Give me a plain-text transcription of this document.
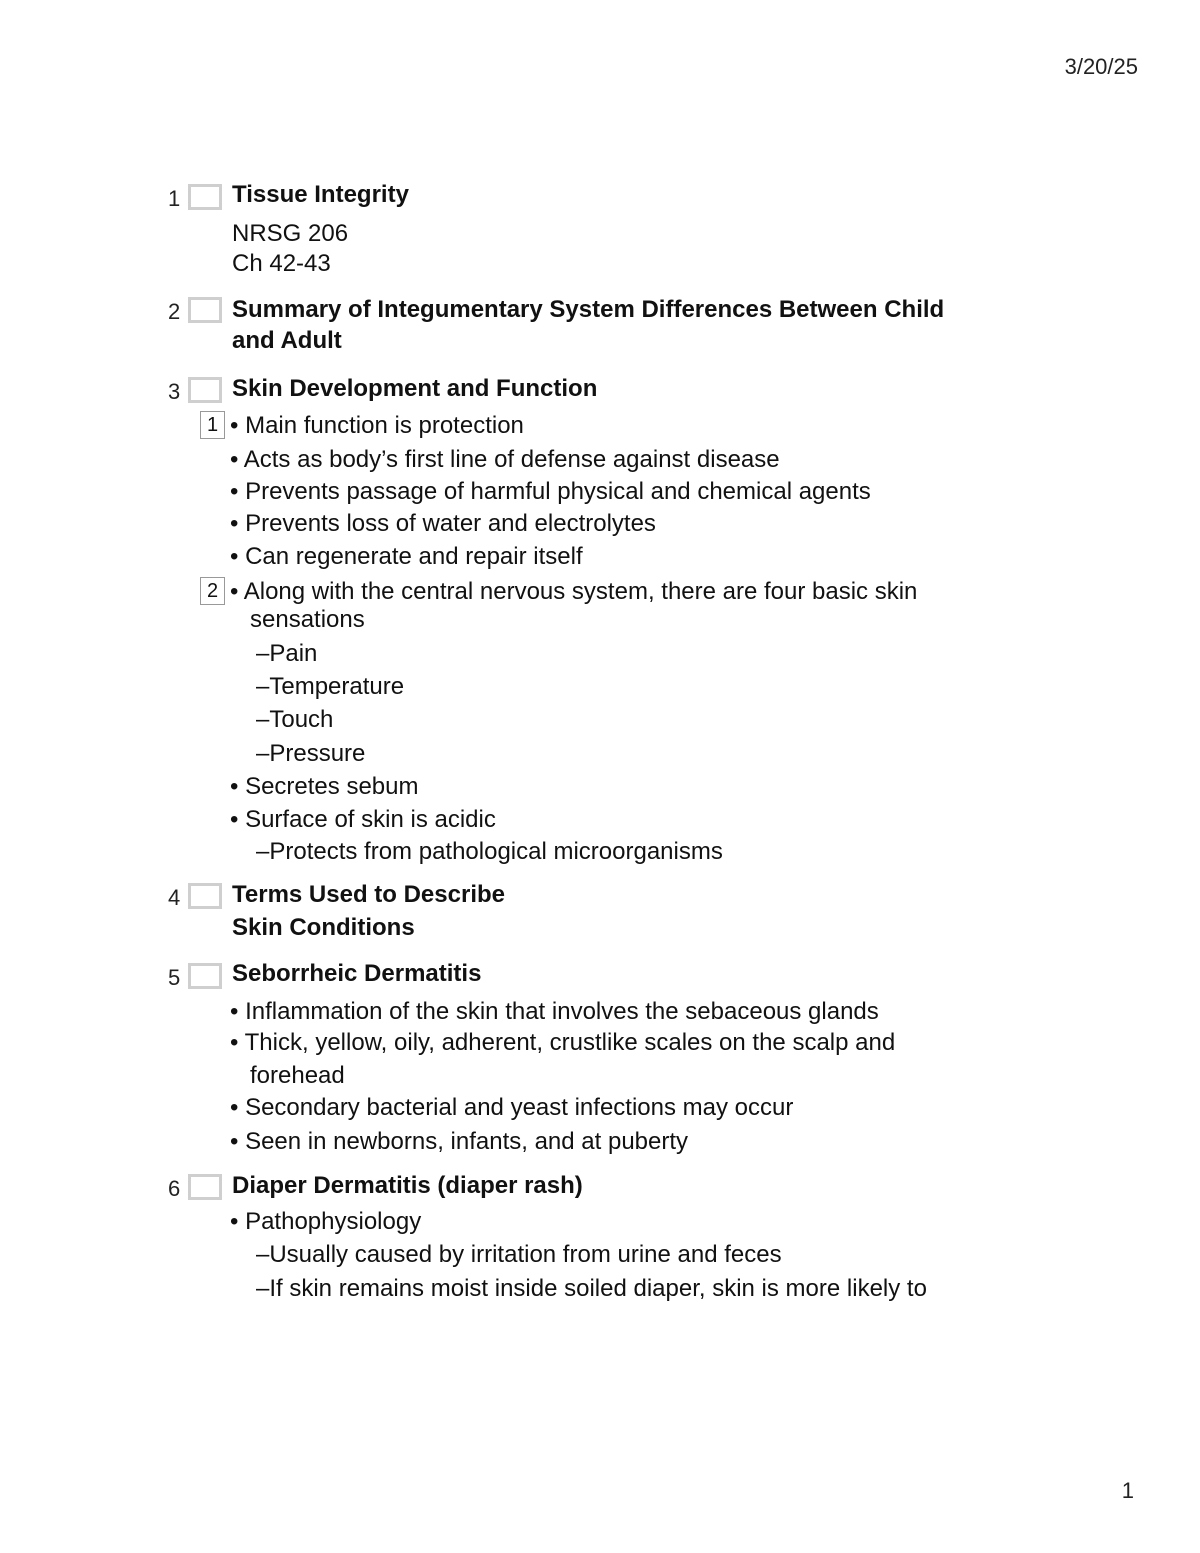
3/20/25
1 Tissue Integrity
NRSG 206
Ch 42-43
2 Summary of Integumentary System Differences Between Child
and Adult
3 Skin Development and Function
1 • Main function is protection
• Acts as body’s first line of defense against disease
• Prevents passage of harmful physical and chemical agents
• Prevents loss of water and electrolytes
• Can regenerate and repair itself
2 • Along with the central nervous system, there are four basic skin
sensations
–Pain
–Temperature
–Touch
–Pressure
• Secretes sebum
• Surface of skin is acidic
–Protects from pathological microorganisms
4 Terms Used to Describe
Skin Conditions
5 Seborrheic Dermatitis
• Inflammation of the skin that involves the sebaceous glands
• Thick, yellow, oily, adherent, crustlike scales on the scalp and
forehead
• Secondary bacterial and yeast infections may occur
• Seen in newborns, infants, and at puberty
6 Diaper Dermatitis (diaper rash)
• Pathophysiology
–Usually caused by irritation from urine and feces
–If skin remains moist inside soiled diaper, skin is more likely to
1
